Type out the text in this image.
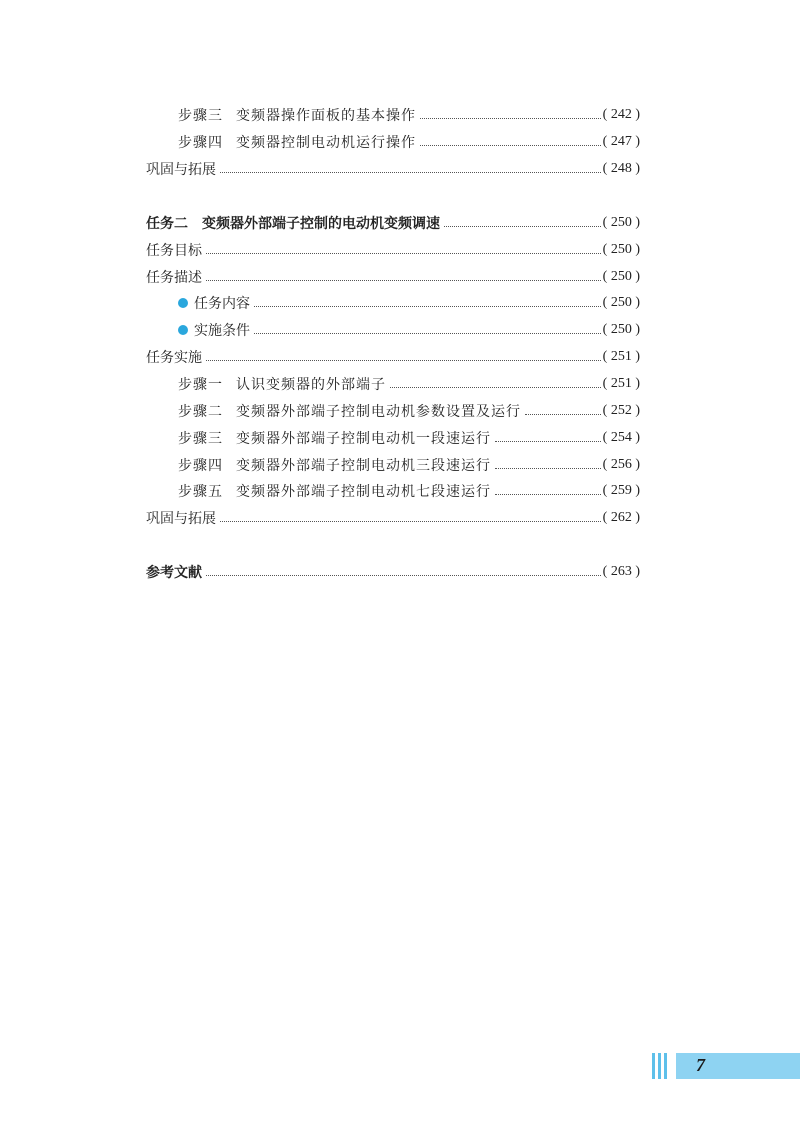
步骤三 变频器操作面板的基本操作	( 242 )
步骤四 变频器控制电动机运行操作	( 247 )
巩固与拓展	( 248 )
任务二　变频器外部端子控制的电动机变频调速	( 250 )
任务目标	( 250 )
任务描述	( 250 )
任务内容	( 250 )
实施条件	( 250 )
任务实施	( 251 )
步骤一 认识变频器的外部端子	( 251 )
步骤二 变频器外部端子控制电动机参数设置及运行	( 252 )
步骤三 变频器外部端子控制电动机一段速运行	( 254 )
步骤四 变频器外部端子控制电动机三段速运行	( 256 )
步骤五 变频器外部端子控制电动机七段速运行	( 259 )
巩固与拓展	( 262 )
参考文献	( 263 )
7
